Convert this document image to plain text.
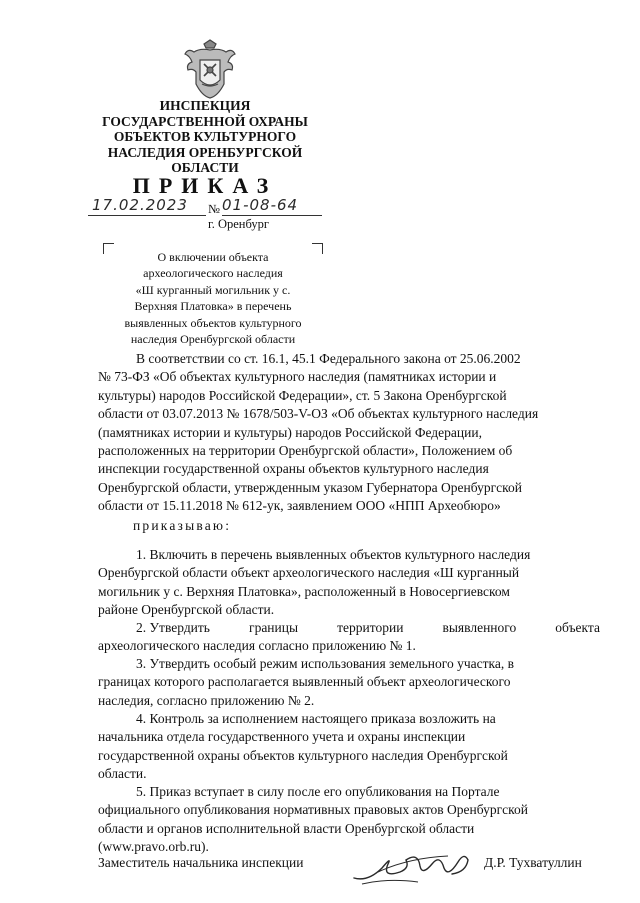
ИНСПЕКЦИЯ
ГОСУДАРСТВЕННОЙ ОХРАНЫ
ОБЪЕКТОВ КУЛЬТУРНОГО
НАСЛЕДИЯ ОРЕНБУРГСКОЙ
ОБЛАСТИ
ПРИКАЗ
17.02.2023 № 01-08-64
г. Оренбург
О включении объекта
археологического наследия
«Ш курганный могильник у с.
Верхняя Платовка» в перечень
выявленных объектов культурного
наследия Оренбургской области
В соответствии со ст. 16.1, 45.1 Федерального закона от 25.06.2002
№ 73-ФЗ «Об объектах культурного наследия (памятниках истории и
культуры) народов Российской Федерации», ст. 5 Закона Оренбургской
области от 03.07.2013 № 1678/503-V-ОЗ «Об объектах культурного наследия
(памятниках истории и культуры) народов Российской Федерации,
расположенных на территории Оренбургской области», Положением об
инспекции государственной охраны объектов культурного наследия
Оренбургской области, утвержденным указом Губернатора Оренбургской
области от 15.11.2018 № 612-ук, заявлением ООО «НПП Археобюро»
приказываю:
1. Включить в перечень выявленных объектов культурного наследия
Оренбургской области объект археологического наследия «Ш курганный
могильник у с. Верхняя Платовка», расположенный в Новосергиевском
районе Оренбургской области.
2. Утвердить	границы	территории	выявленного	объекта
археологического наследия согласно приложению № 1.
3. Утвердить особый режим использования земельного участка, в
границах которого располагается выявленный объект археологического
наследия, согласно приложению № 2.
4. Контроль за исполнением настоящего приказа возложить на
начальника отдела государственного учета и охраны инспекции
государственной охраны объектов культурного наследия Оренбургской
области.
5. Приказ вступает в силу после его опубликования на Портале
официального опубликования нормативных правовых актов Оренбургской
области и органов исполнительной власти Оренбургской области
(www.pravo.orb.ru).
Заместитель начальника инспекции	Д.Р. Тухватуллин
